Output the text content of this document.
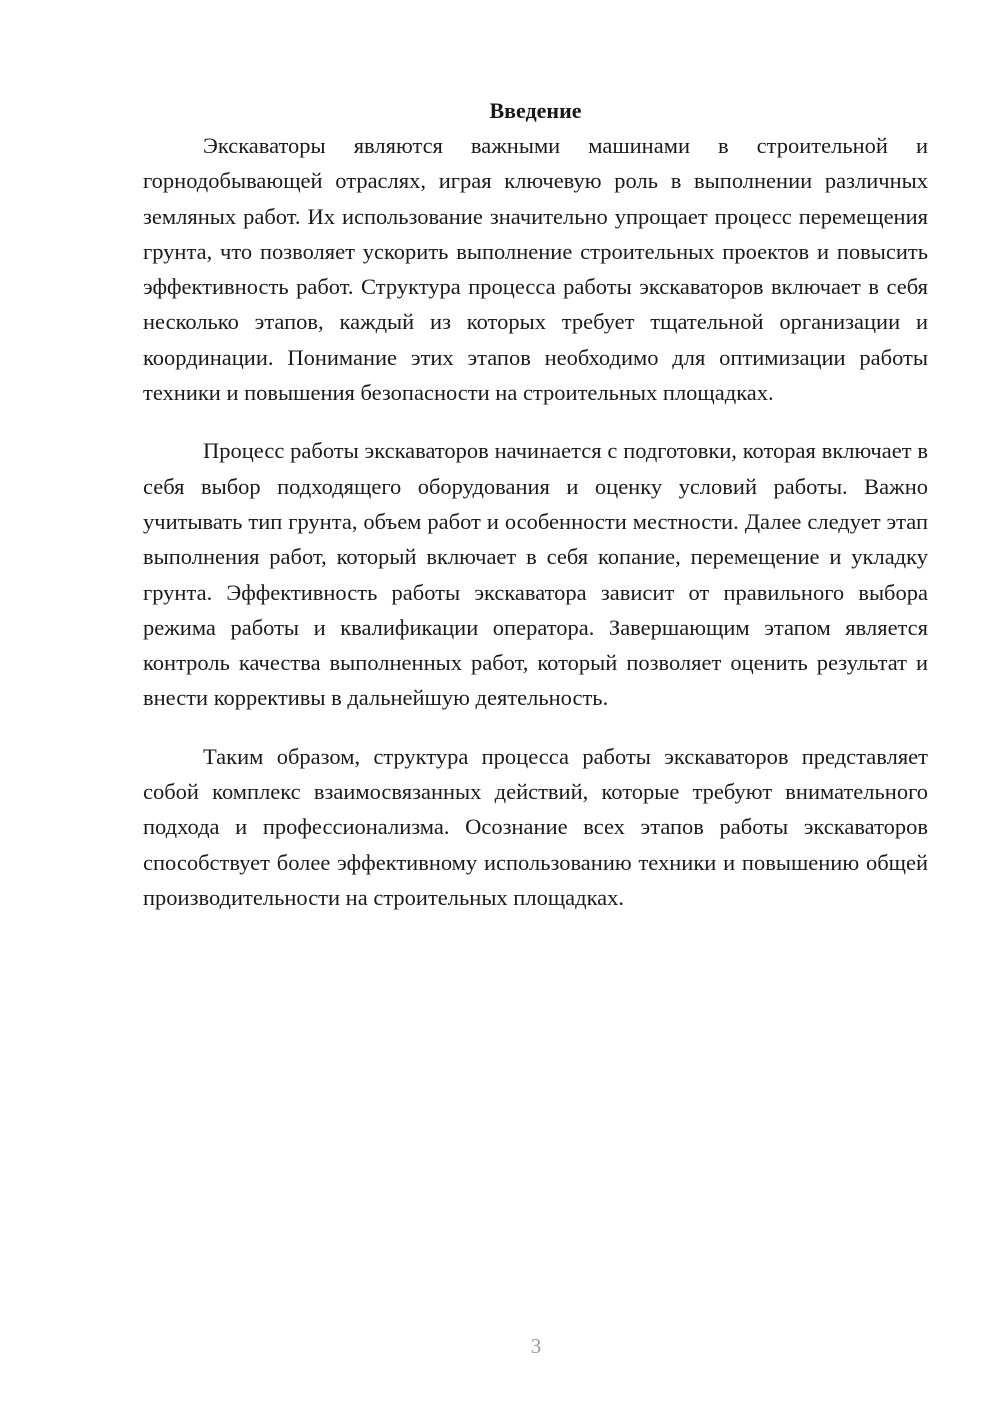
Введение

Экскаваторы являются важными машинами в строительной и горнодобывающей отраслях, играя ключевую роль в выполнении различных земляных работ. Их использование значительно упрощает процесс перемещения грунта, что позволяет ускорить выполнение строительных проектов и повысить эффективность работ. Структура процесса работы экскаваторов включает в себя несколько этапов, каждый из которых требует тщательной организации и координации. Понимание этих этапов необходимо для оптимизации работы техники и повышения безопасности на строительных площадках.

Процесс работы экскаваторов начинается с подготовки, которая включает в себя выбор подходящего оборудования и оценку условий работы. Важно учитывать тип грунта, объем работ и особенности местности. Далее следует этап выполнения работ, который включает в себя копание, перемещение и укладку грунта. Эффективность работы экскаватора зависит от правильного выбора режима работы и квалификации оператора. Завершающим этапом является контроль качества выполненных работ, который позволяет оценить результат и внести коррективы в дальнейшую деятельность.

Таким образом, структура процесса работы экскаваторов представляет собой комплекс взаимосвязанных действий, которые требуют внимательного подхода и профессионализма. Осознание всех этапов работы экскаваторов способствует более эффективному использованию техники и повышению общей производительности на строительных площадках.

3
